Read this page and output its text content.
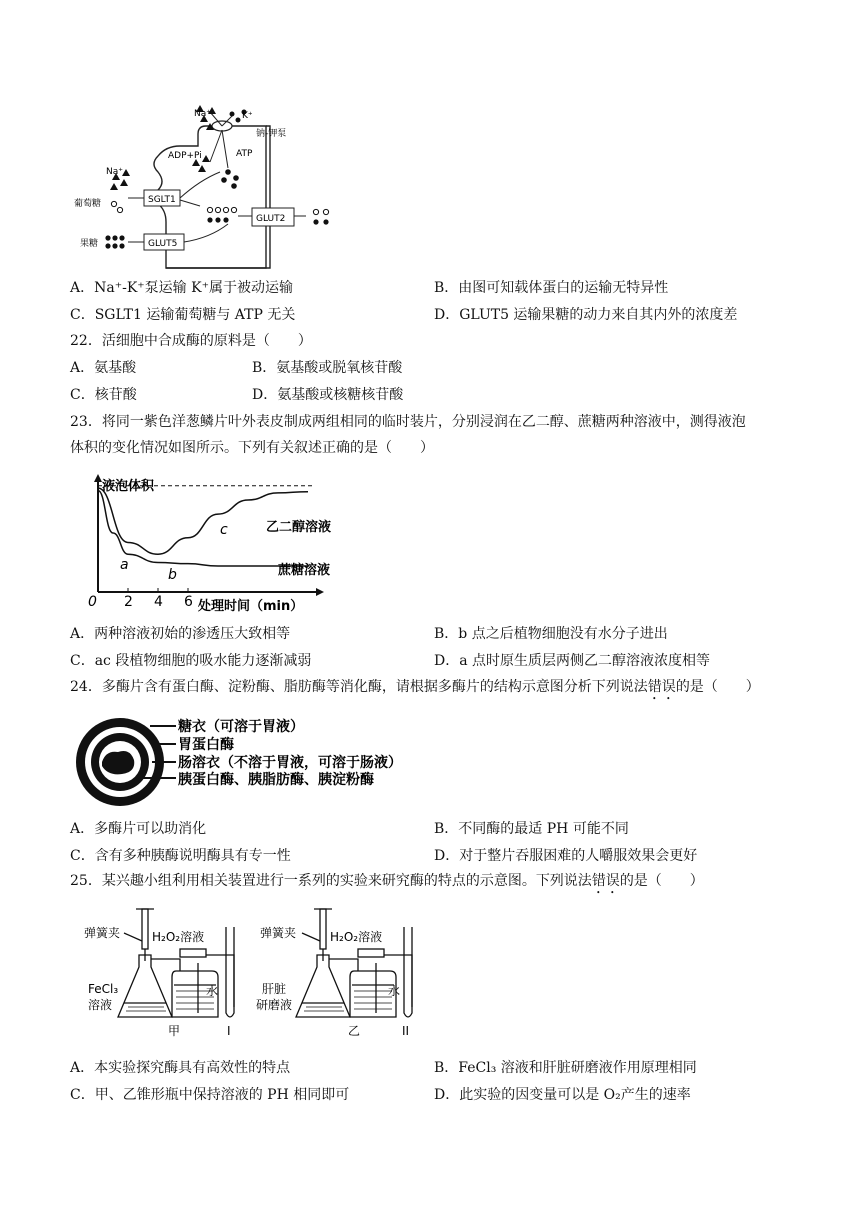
Na⁺	K⁺
钠-钾泵
ADP+Pi	ATP
Na⁺
葡萄糖
果糖
SGLT1
GLUT2
GLUT5
A．Na⁺-K⁺泵运输 K⁺属于被动运输	B．由图可知载体蛋白的运输无特异性
C．SGLT1 运输葡萄糖与 ATP 无关	D．GLUT5 运输果糖的动力来自其内外的浓度差
22．活细胞中合成酶的原料是（　　）
A．氨基酸	B．氨基酸或脱氧核苷酸
C．核苷酸	D．氨基酸或核糖核苷酸
23．将同一紫色洋葱鳞片叶外表皮制成两组相同的临时装片，分别浸润在乙二醇、蔗糖两种溶液中，测得液泡
体积的变化情况如图所示。下列有关叙述正确的是（　　）
0 2 4 6
液泡体积
处理时间（min）
乙二醇溶液
蔗糖溶液
a
b
c
A．两种溶液初始的渗透压大致相等	B．b 点之后植物细胞没有水分子进出
C．ac 段植物细胞的吸水能力逐渐减弱	D．a 点时原生质层两侧乙二醇溶液浓度相等
24．多酶片含有蛋白酶、淀粉酶、脂肪酶等消化酶，请根据多酶片的结构示意图分析下列说法错误的是（　　）
糖衣（可溶于胃液）
胃蛋白酶
肠溶衣（不溶于胃液，可溶于肠液）
胰蛋白酶、胰脂肪酶、胰淀粉酶
A．多酶片可以助消化	B．不同酶的最适 PH 可能不同
C．含有多种胰酶说明酶具有专一性	D．对于整片吞服困难的人嚼服效果会更好
25．某兴趣小组利用相关装置进行一系列的实验来研究酶的特点的示意图。下列说法错误的是（　　）
弹簧夹	H₂O₂溶液
FeCl₃
溶液
水
甲	I
弹簧夹	H₂O₂溶液
肝脏
研磨液
水
乙	II
A．本实验探究酶具有高效性的特点	B．FeCl₃ 溶液和肝脏研磨液作用原理相同
C．甲、乙锥形瓶中保持溶液的 PH 相同即可	D．此实验的因变量可以是 O₂产生的速率
